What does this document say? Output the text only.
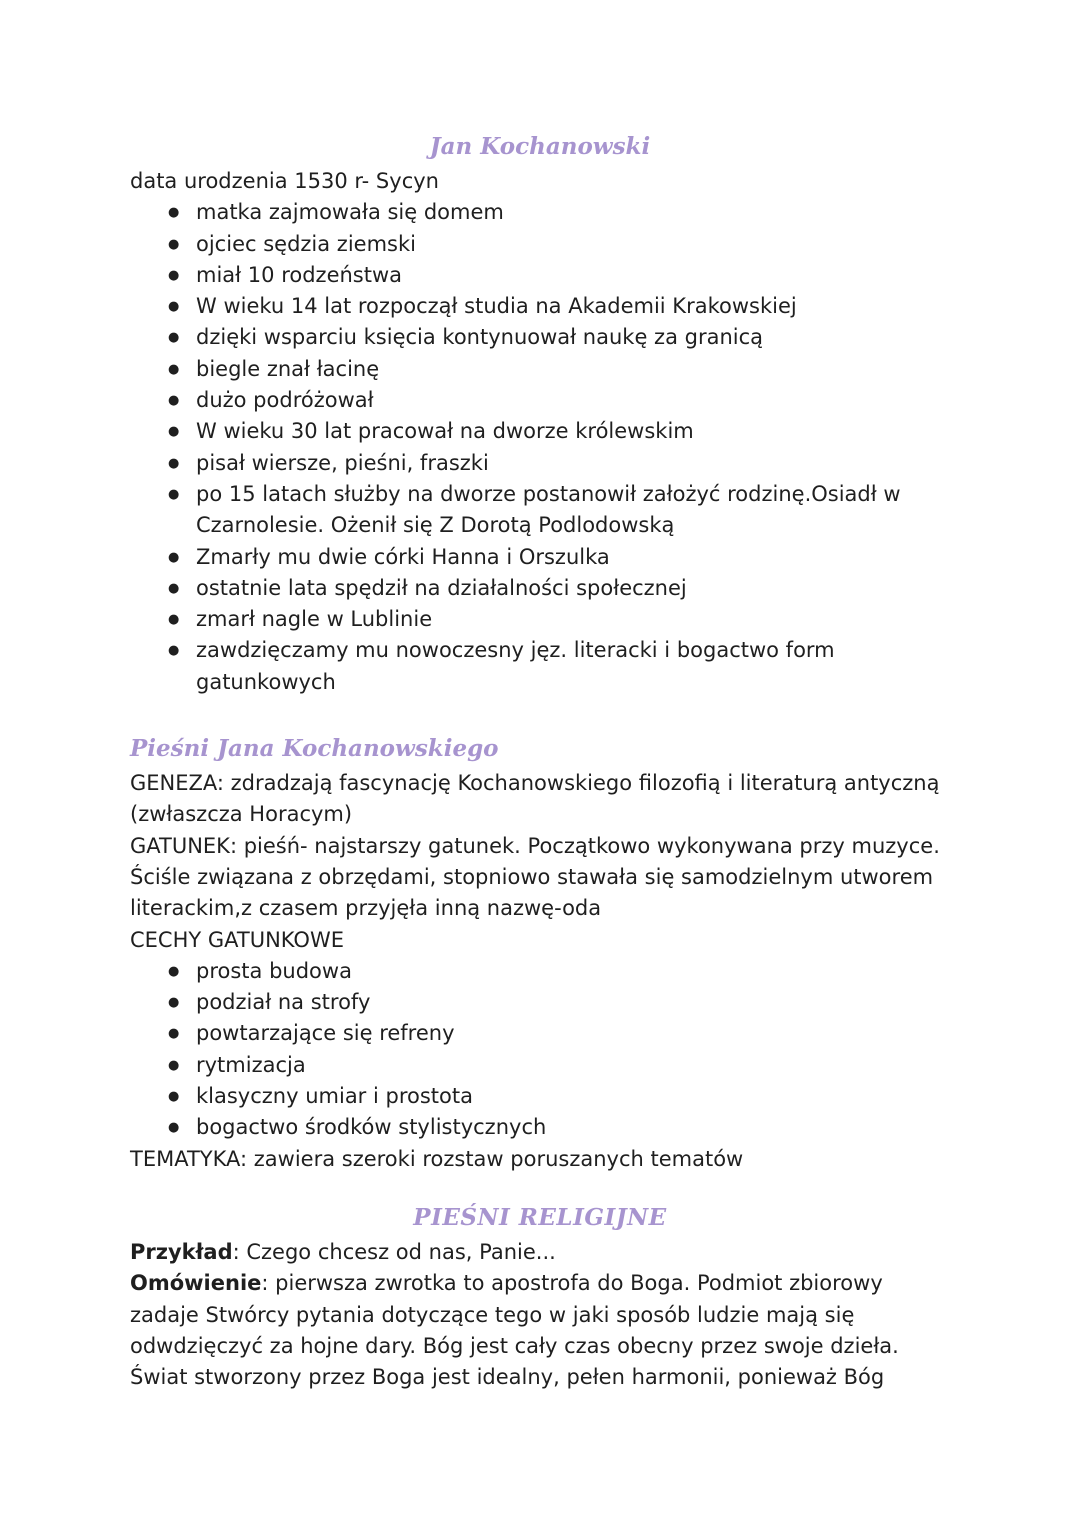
Jan Kochanowski

data urodzenia 1530 r- Sycyn

● matka zajmowała się domem
● ojciec sędzia ziemski
● miał 10 rodzeństwa
● W wieku 14 lat rozpoczął studia na Akademii Krakowskiej
● dzięki wsparciu księcia kontynuował naukę za granicą
● biegle znał łacinę
● dużo podróżował
● W wieku 30 lat pracował na dworze królewskim
● pisał wiersze, pieśni, fraszki
● po 15 latach służby na dworze postanowił założyć rodzinę.Osiadł w Czarnolesie. Ożenił się Z Dorotą Podlodowską
● Zmarły mu dwie córki Hanna i Orszulka
● ostatnie lata spędził na działalności społecznej
● zmarł nagle w Lublinie
● zawdzięczamy mu nowoczesny jęz. literacki i bogactwo form gatunkowych
Pieśni Jana Kochanowskiego

GENEZA: zdradzają fascynację Kochanowskiego filozofią i literaturą antyczną (zwłaszcza Horacym)

GATUNEK: pieśń- najstarszy gatunek. Początkowo wykonywana przy muzyce. Ściśle związana z obrzędami, stopniowo stawała się samodzielnym utworem literackim,z czasem przyjęła inną nazwę-oda

CECHY GATUNKOWE

● prosta budowa
● podział na strofy
● powtarzające się refreny
● rytmizacja
● klasyczny umiar i prostota
● bogactwo środków stylistycznych

TEMATYKA: zawiera szeroki rozstaw poruszanych tematów

PIEŚNI RELIGIJNE

Przykład: Czego chcesz od nas, Panie...

Omówienie: pierwsza zwrotka to apostrofa do Boga. Podmiot zbiorowy zadaje Stwórcy pytania dotyczące tego w jaki sposób ludzie mają się odwdzięczyć za hojne dary. Bóg jest cały czas obecny przez swoje dzieła. Świat stworzony przez Boga jest idealny, pełen harmonii, ponieważ Bóg
